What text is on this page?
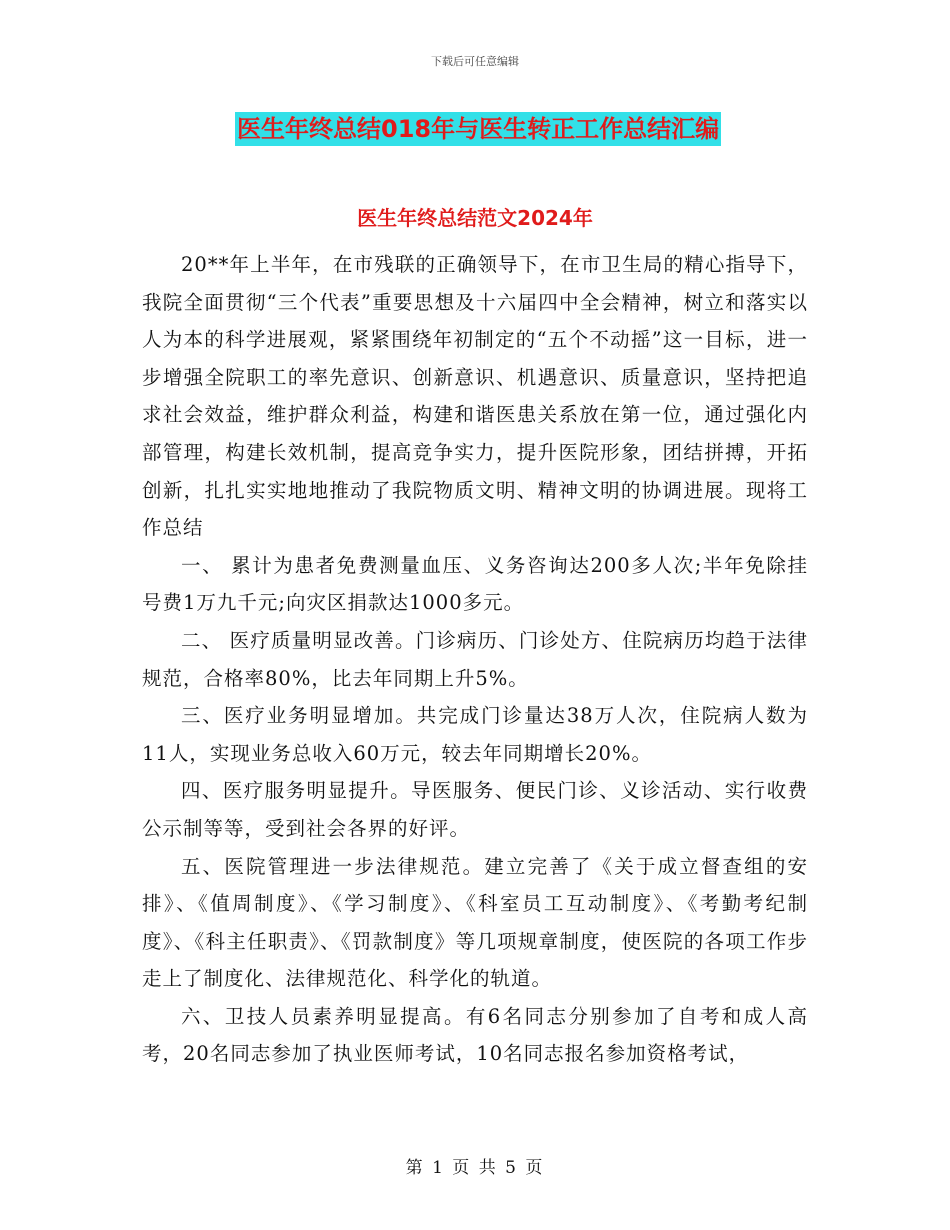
下载后可任意编辑
医生年终总结018年与医生转正工作总结汇编
医生年终总结范文2024年

20**年上半年，在市残联的正确领导下，在市卫生局的精心指导下，我院全面贯彻“三个代表”重要思想及十六届四中全会精神，树立和落实以人为本的科学进展观，紧紧围绕年初制定的“五个不动摇”这一目标，进一步增强全院职工的率先意识、创新意识、机遇意识、质量意识，坚持把追求社会效益，维护群众利益，构建和谐医患关系放在第一位，通过强化内部管理，构建长效机制，提高竞争实力，提升医院形象，团结拼搏，开拓创新，扎扎实实地地推动了我院物质文明、精神文明的协调进展。现将工作总结

一、 累计为患者免费测量血压、义务咨询达200多人次;半年免除挂号费1万九千元;向灾区捐款达1000多元。

二、 医疗质量明显改善。门诊病历、门诊处方、住院病历均趋于法律规范，合格率80%，比去年同期上升5%。

三、医疗业务明显增加。共完成门诊量达38万人次，住院病人数为11人，实现业务总收入60万元，较去年同期增长20%。

四、医疗服务明显提升。导医服务、便民门诊、义诊活动、实行收费公示制等等，受到社会各界的好评。

五、医院管理进一步法律规范。建立完善了《关于成立督查组的安排》、《值周制度》、《学习制度》、《科室员工互动制度》、《考勤考纪制度》、《科主任职责》、《罚款制度》等几项规章制度，使医院的各项工作步走上了制度化、法律规范化、科学化的轨道。

六、卫技人员素养明显提高。有6名同志分别参加了自考和成人高考，20名同志参加了执业医师考试，10名同志报名参加资格考试，

第 1 页 共 5 页
